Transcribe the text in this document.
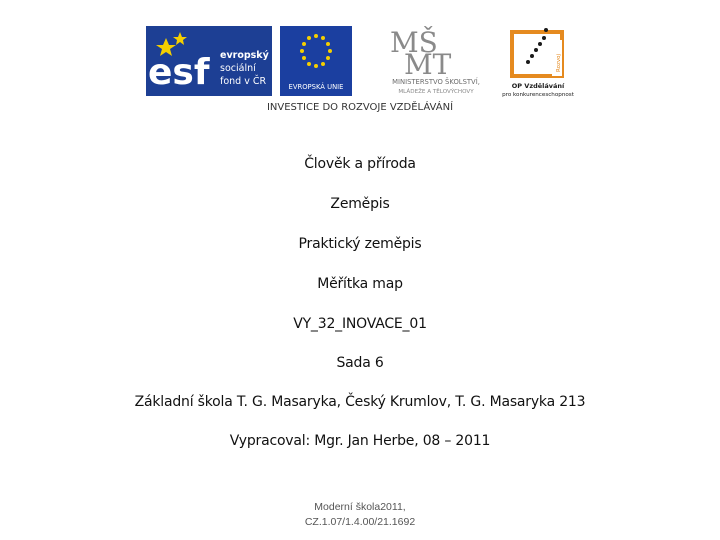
esf evropský
sociální
fond v ČR	EVROPSKÁ UNIE
MŠ
MT
MINISTERSTVO ŠKOLSTVÍ,
MLÁDEŽE A TĚLOVÝCHOVY
Rozvoj
OP Vzdělávání
pro konkurenceschopnost
INVESTICE DO ROZVOJE VZDĚLÁVÁNÍ
Člověk a příroda
Zeměpis
Praktický zeměpis
Měřítka map
VY_32_INOVACE_01
Sada 6
Základní škola T. G. Masaryka, Český Krumlov, T. G. Masaryka 213
Vypracoval: Mgr. Jan Herbe, 08 – 2011
Moderní škola2011,
CZ.1.07/1.4.00/21.1692
